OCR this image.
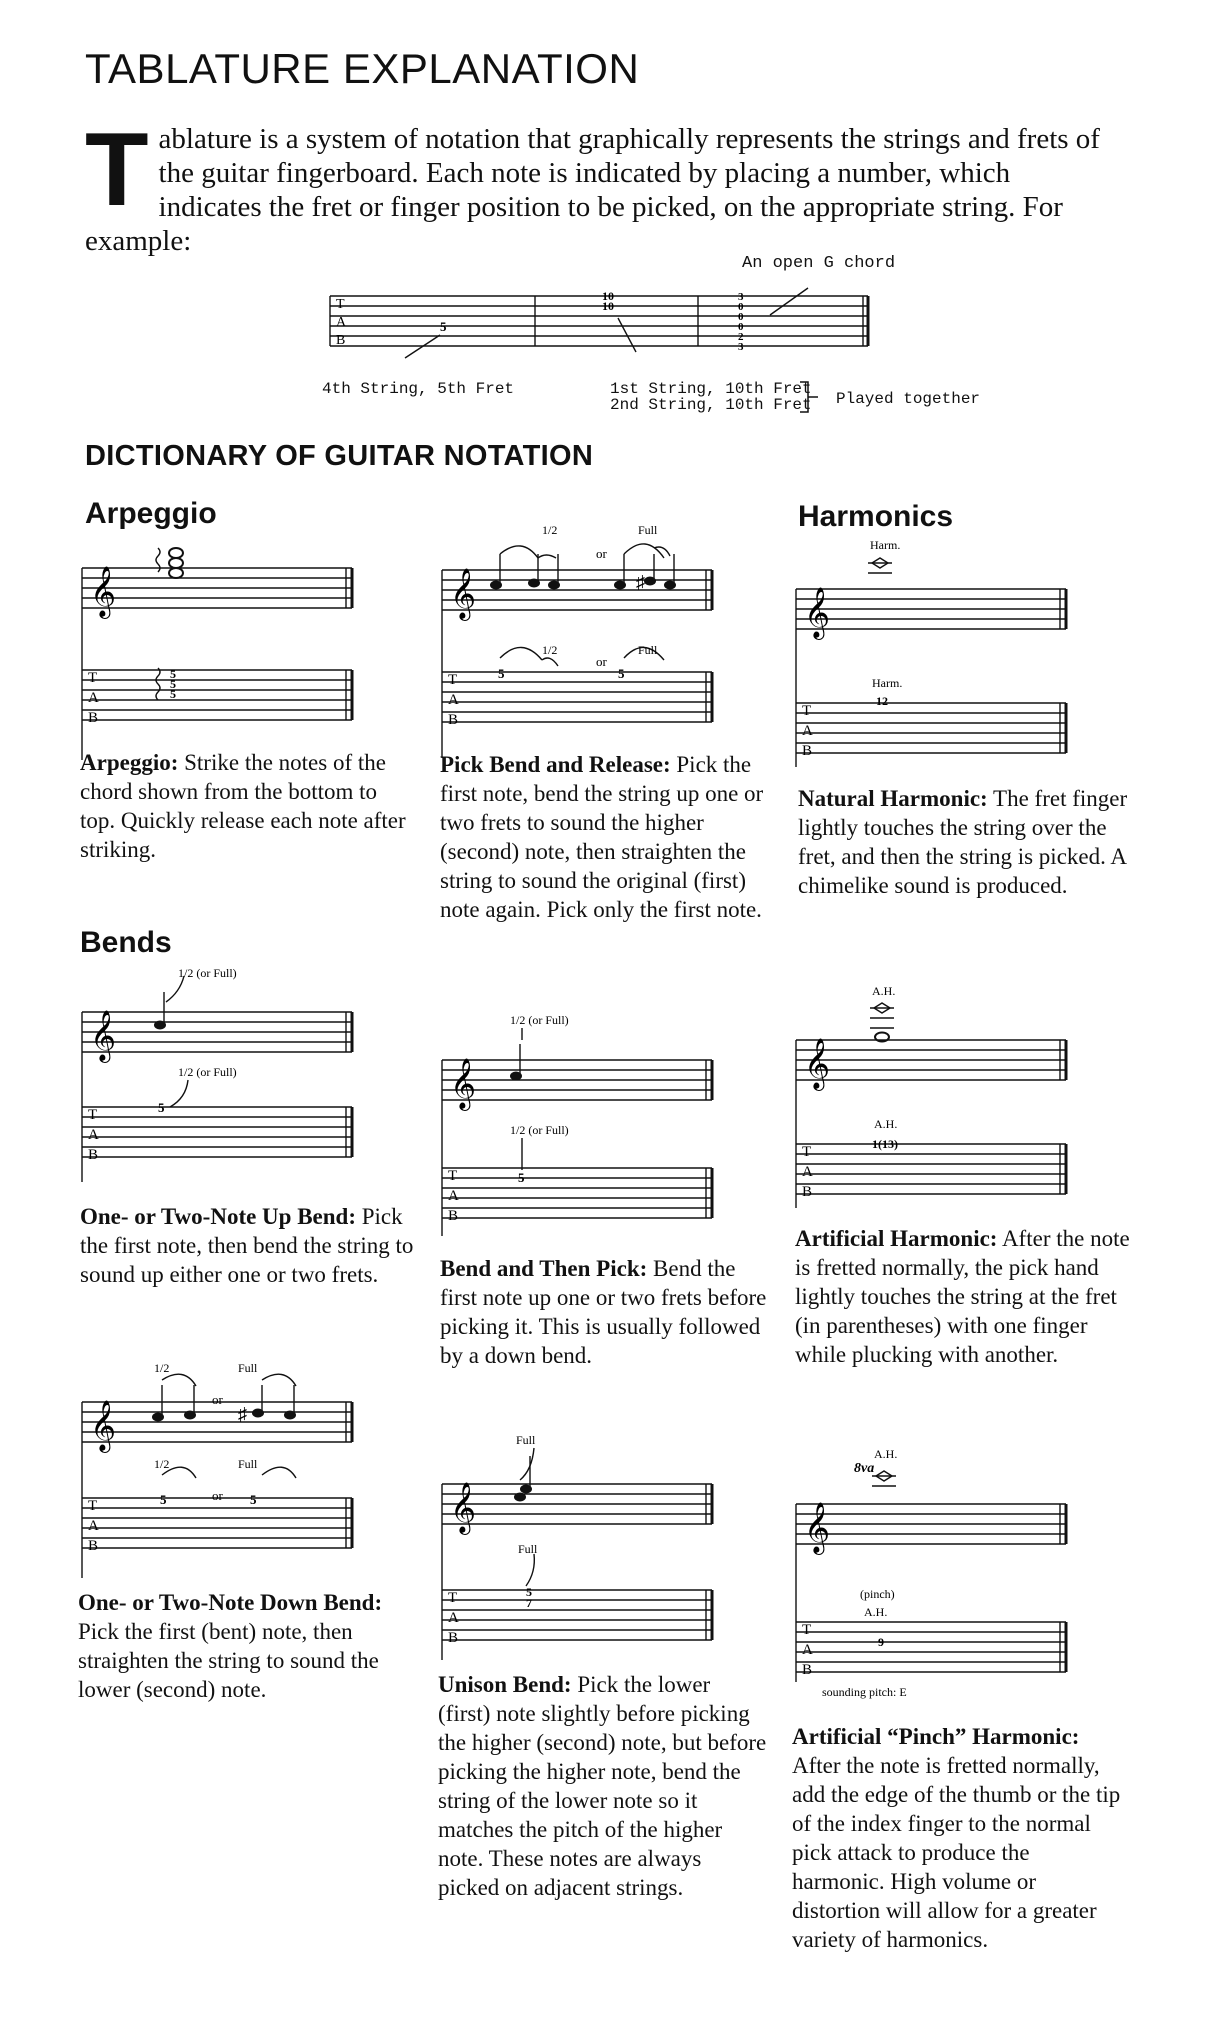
TABLATURE EXPLANATION
Tablature is a system of notation that graphically represents the strings and frets of the guitar fingerboard. Each note is indicated by placing a number, which indicates the fret or finger position to be picked, on the appropriate string. For example:
An open G chord
T
A
B
5
10
10
3
0
0
0
2
3
4th String, 5th Fret	1st String, 10th Fret
2nd String, 10th Fret Played together
DICTIONARY OF GUITAR NOTATION
Arpeggio
𝄞
T
A
B
5
5
5
Arpeggio: Strike the notes of the chord shown from the bottom to top. Quickly release each note after striking.
Bends
𝄞
1/2 (or Full)
1/2 (or Full)
T
A
B
5
One- or Two-Note Up Bend: Pick the first note, then bend the string to sound up either one or two frets.
𝄞	♯
1/2	Full
or
1/2	Full
or
T
A
B
5	5
One- or Two-Note Down Bend: Pick the first (bent) note, then straighten the string to sound the lower (second) note.
𝄞	♯
1/2	Full
or
1/2	Full
or
T
A
B
5	5
Pick Bend and Release: Pick the first note, bend the string up one or two frets to sound the higher (second) note, then straighten the string to sound the original (first) note again. Pick only the first note.
𝄞
1/2 (or Full)
1/2 (or Full)
T
A
B
5
Bend and Then Pick: Bend the first note up one or two frets before picking it. This is usually followed by a down bend.
𝄞
Full
Full
T
A
B
5
7
Unison Bend: Pick the lower (first) note slightly before picking the higher (second) note, but before picking the higher note, bend the string of the lower note so it matches the pitch of the higher note. These notes are always picked on adjacent strings.
Harmonics
𝄞
Harm.
Harm.
12
T
A
B
Natural Harmonic: The fret finger lightly touches the string over the fret, and then the string is picked. A chimelike sound is produced.
𝄞
A.H.
A.H.
1(13)
T
A
B
Artificial Harmonic: After the note is fretted normally, the pick hand lightly touches the string at the fret (in parentheses) with one finger while plucking with another.
𝄞
A.H.
8va
(pinch)
A.H.
9
T
A
B
sounding pitch: E
Artificial “Pinch” Harmonic: After the note is fretted normally, add the edge of the thumb or the tip of the index finger to the normal pick attack to produce the harmonic. High volume or distortion will allow for a greater variety of harmonics.
